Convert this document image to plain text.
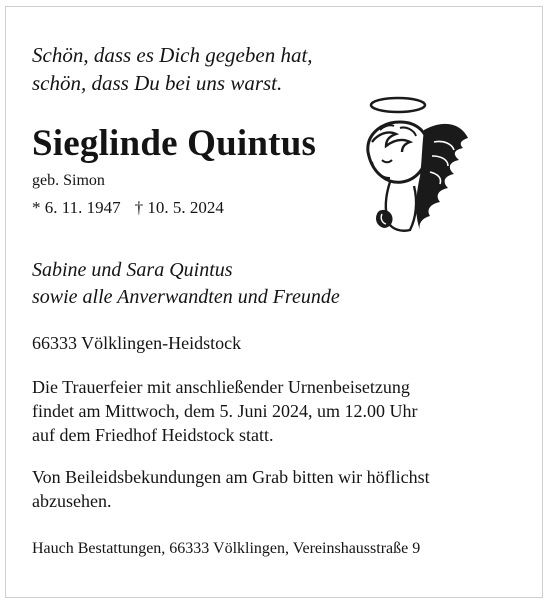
Schön, dass es Dich gegeben hat,
schön, dass Du bei uns warst.
Sieglinde Quintus
geb. Simon
* 6. 11. 1947 † 10. 5. 2024
Sabine und Sara Quintus
sowie alle Anverwandten und Freunde
66333 Völklingen-Heidstock
Die Trauerfeier mit anschließender Urnenbeisetzung
findet am Mittwoch, dem 5. Juni 2024, um 12.00 Uhr
auf dem Friedhof Heidstock statt.
Von Beileidsbekundungen am Grab bitten wir höflichst
abzusehen.
Hauch Bestattungen, 66333 Völklingen, Vereinshausstraße 9
